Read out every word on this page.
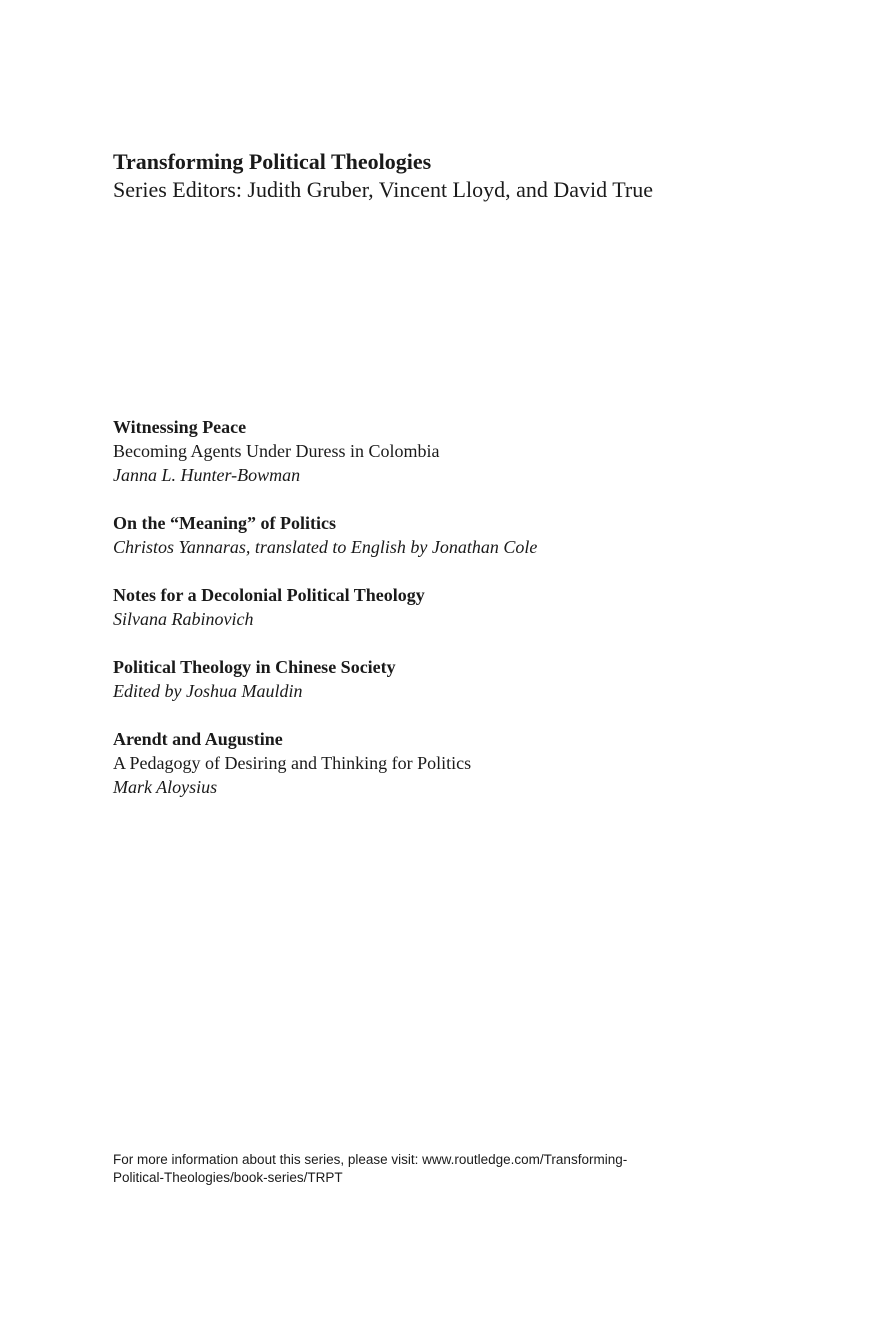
Transforming Political Theologies

Series Editors: Judith Gruber, Vincent Lloyd, and David True

Witnessing Peace

Becoming Agents Under Duress in Colombia

Janna L. Hunter-Bowman

On the “Meaning” of Politics

Christos Yannaras, translated to English by Jonathan Cole

Notes for a Decolonial Political Theology

Silvana Rabinovich

Political Theology in Chinese Society

Edited by Joshua Mauldin

Arendt and Augustine

A Pedagogy of Desiring and Thinking for Politics

Mark Aloysius

For more information about this series, please visit: www.routledge.com/Transforming-
Political-Theologies/book-series/TRPT
